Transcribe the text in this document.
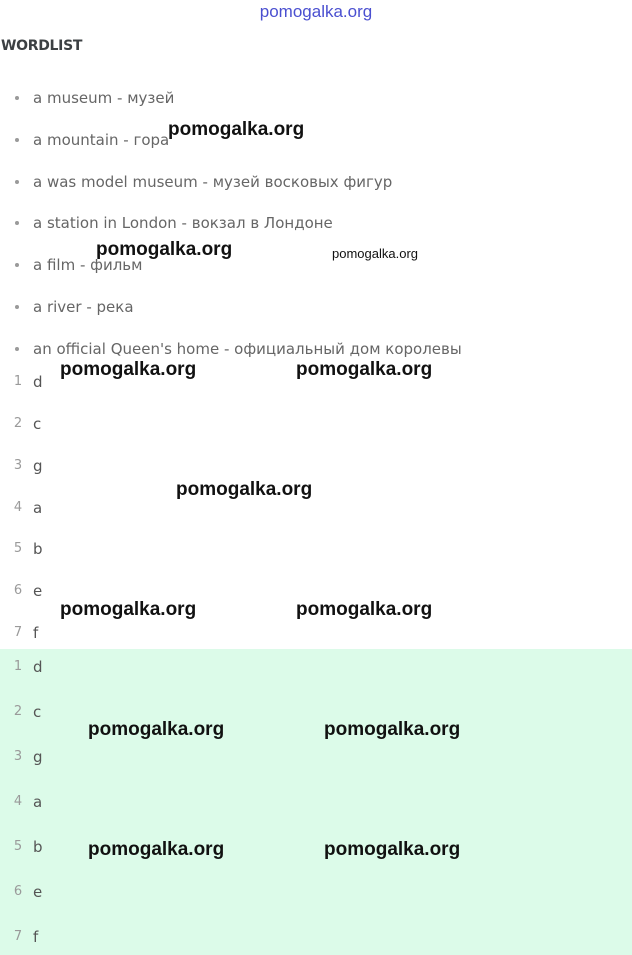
pomogalka.org
WORDLIST
a museum - музей
a mountain - гора
a was model museum - музей восковых фигур
a station in London - вокзал в Лондоне
a film - фильм
a river - река
an official Queen's home - официальный дом королевы
1 d
2 c
3 g
4 a
5 b
6 e
7 f
1 d
2 c
3 g
4 a
5 b
6 e
7 f
pomogalka.org
pomogalka.org	pomogalka.org
pomogalka.org	pomogalka.org
pomogalka.org
pomogalka.org	pomogalka.org
pomogalka.org	pomogalka.org
pomogalka.org	pomogalka.org
